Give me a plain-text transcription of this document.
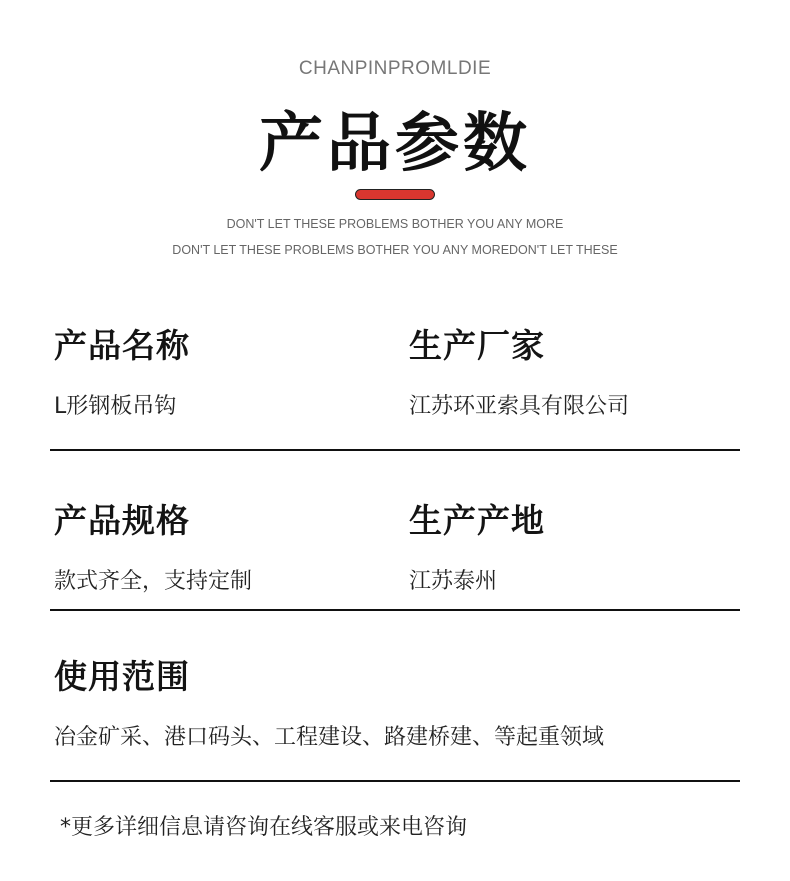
CHANPINPROMLDIE
产品参数
DON'T LET THESE PROBLEMS BOTHER YOU ANY MORE
DON'T LET THESE PROBLEMS BOTHER YOU ANY MOREDON'T LET THESE
产品名称
L形钢板吊钩
生产厂家
江苏环亚索具有限公司
产品规格
款式齐全，支持定制
生产产地
江苏泰州
使用范围
冶金矿采、港口码头、工程建设、路建桥建、等起重领域
*更多详细信息请咨询在线客服或来电咨询
